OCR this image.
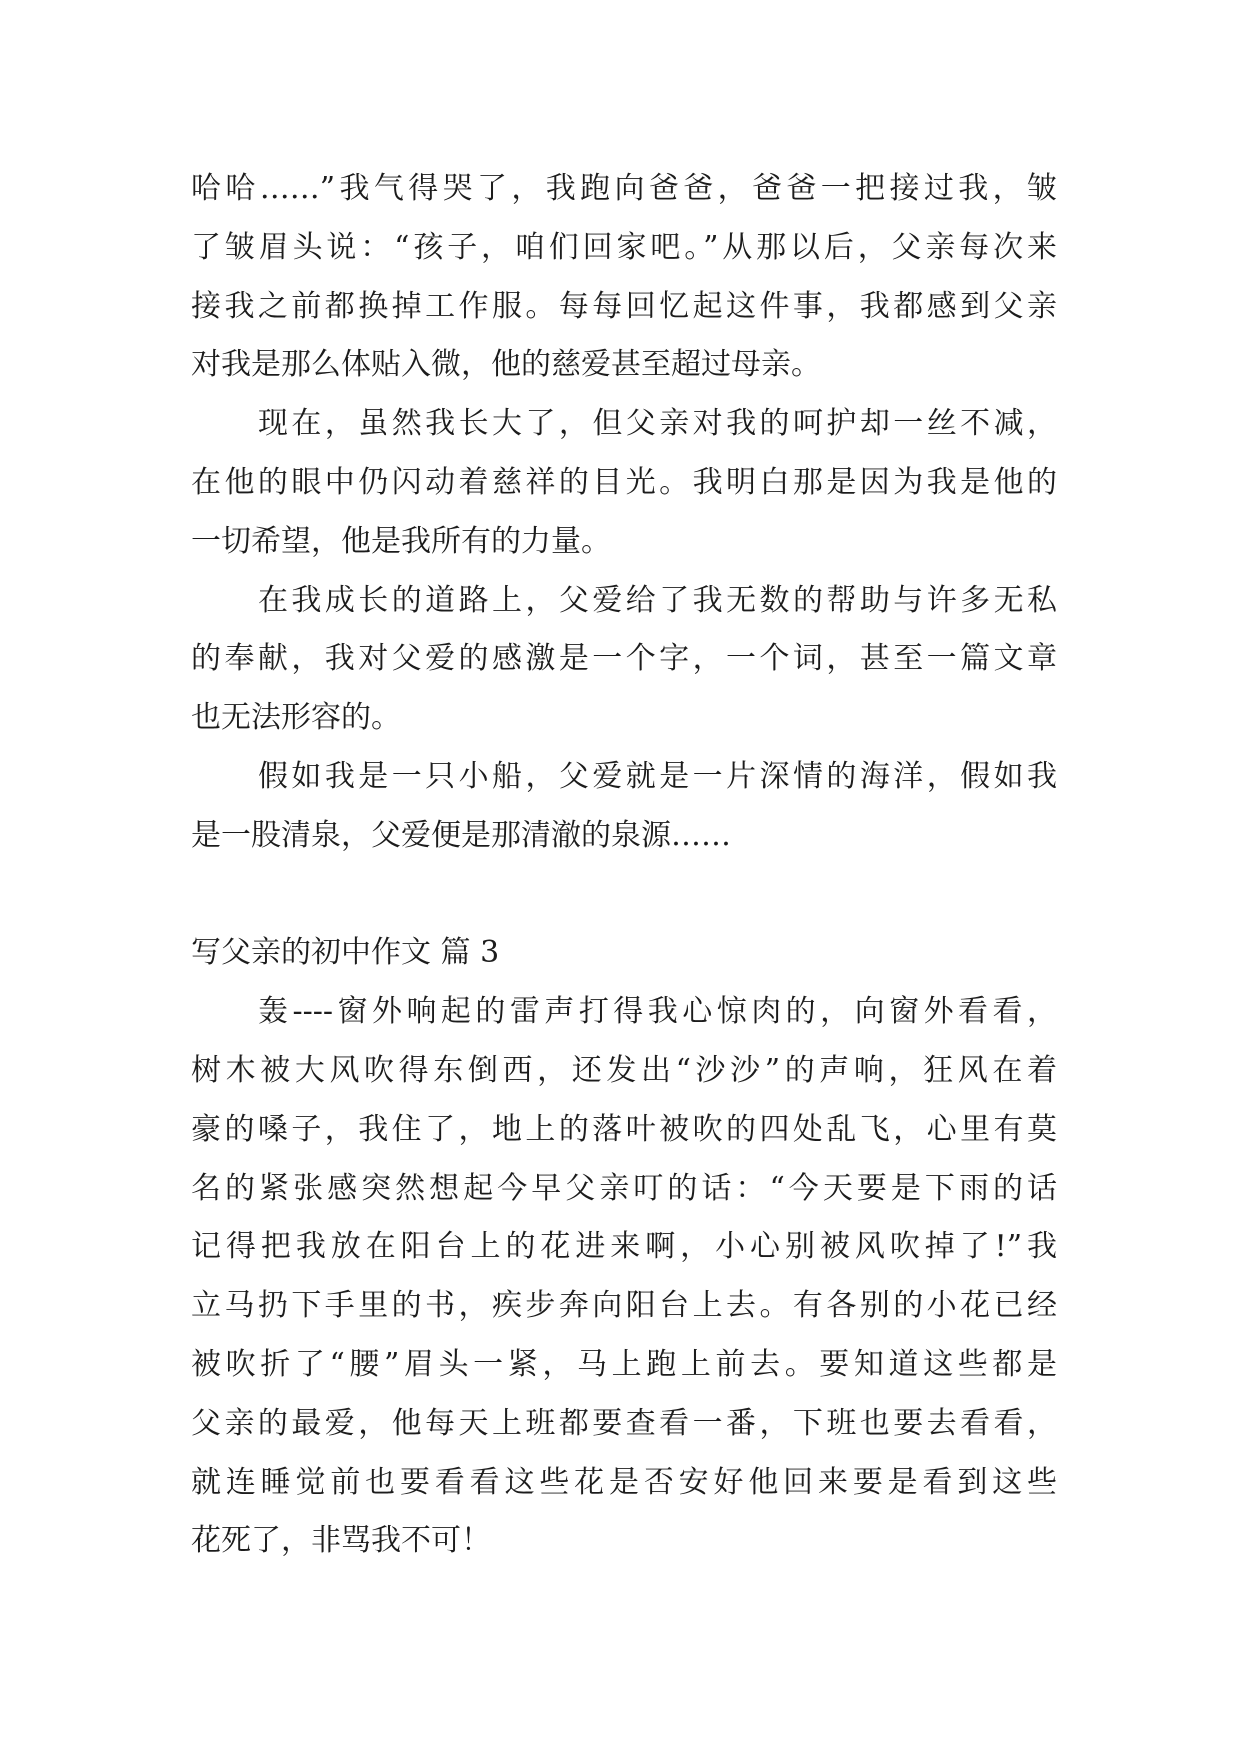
哈哈……”我气得哭了，我跑向爸爸，爸爸一把接过我，皱
了皱眉头说：“孩子，咱们回家吧。”从那以后，父亲每次来
接我之前都换掉工作服。每每回忆起这件事，我都感到父亲
对我是那么体贴入微，他的慈爱甚至超过母亲。
现在，虽然我长大了，但父亲对我的呵护却一丝不减，
在他的眼中仍闪动着慈祥的目光。我明白那是因为我是他的
一切希望，他是我所有的力量。
在我成长的道路上，父爱给了我无数的帮助与许多无私
的奉献，我对父爱的感激是一个字，一个词，甚至一篇文章
也无法形容的。
假如我是一只小船，父爱就是一片深情的海洋，假如我
是一股清泉，父爱便是那清澈的泉源……
写父亲的初中作文 篇 3
轰----窗外响起的雷声打得我心惊肉的，向窗外看看，
树木被大风吹得东倒西，还发出“沙沙”的声响，狂风在着
豪的嗓子，我住了，地上的落叶被吹的四处乱飞，心里有莫
名的紧张感突然想起今早父亲叮的话：“今天要是下雨的话
记得把我放在阳台上的花进来啊，小心别被风吹掉了!”我
立马扔下手里的书，疾步奔向阳台上去。有各别的小花已经
被吹折了“腰”眉头一紧，马上跑上前去。要知道这些都是
父亲的最爱，他每天上班都要查看一番，下班也要去看看，
就连睡觉前也要看看这些花是否安好他回来要是看到这些
花死了，非骂我不可！
